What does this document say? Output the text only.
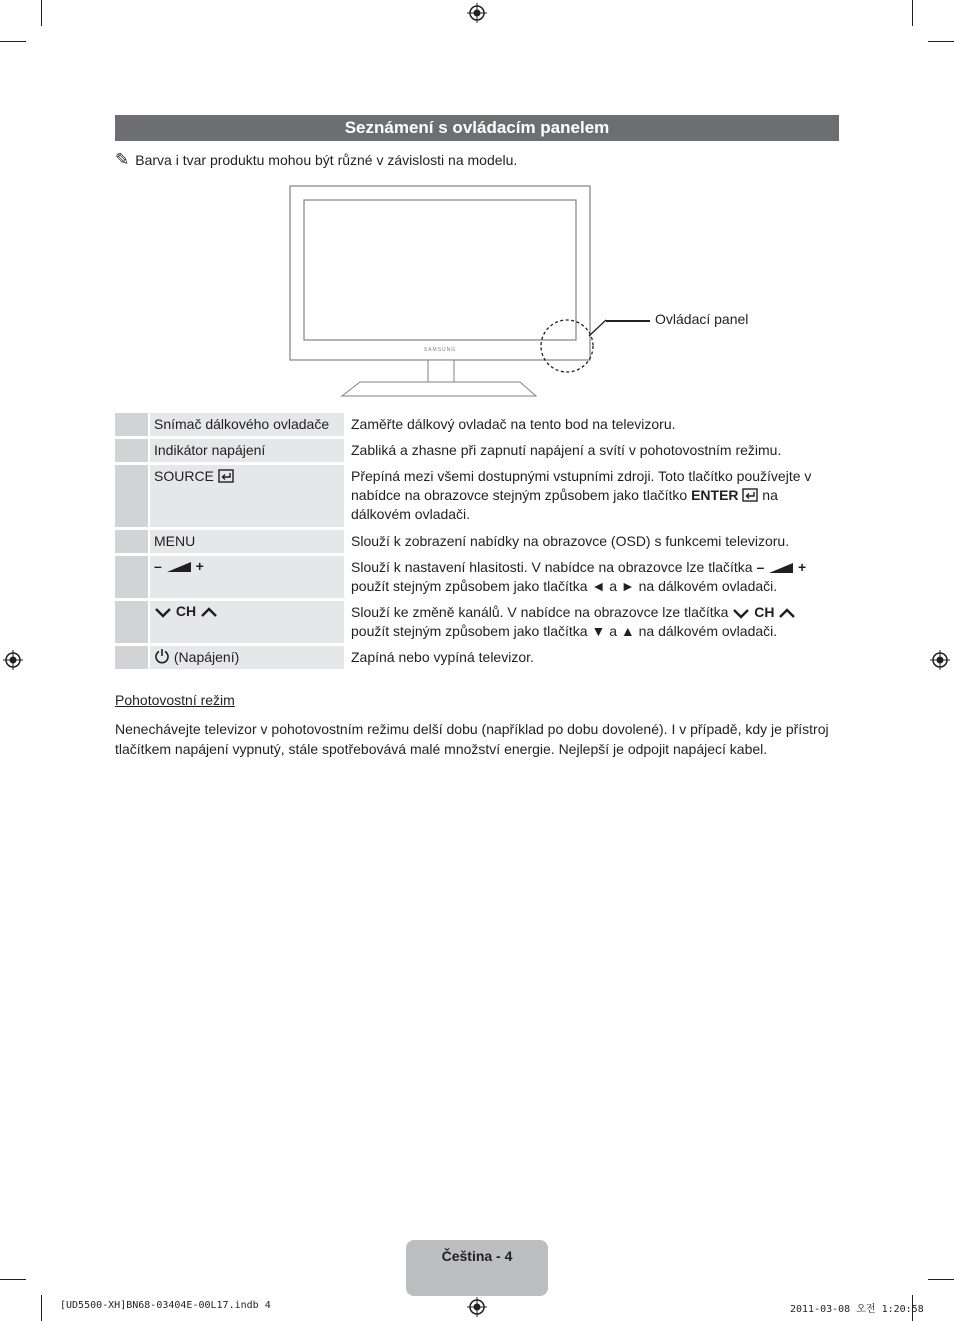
Seznámení s ovládacím panelem
✎ Barva i tvar produktu mohou být různé v závislosti na modelu.
SAMSUNG
Ovládací panel
	Snímač dálkového ovladače	Zaměřte dálkový ovladač na tento bod na televizoru.
	Indikátor napájení	Zabliká a zhasne při zapnutí napájení a svítí v pohotovostním režimu.
	SOURCE	Přepíná mezi všemi dostupnými vstupními zdroji. Toto tlačítko používejte v nabídce na obrazovce stejným způsobem jako tlačítko ENTER  na dálkovém ovladači.
	MENU	Slouží k zobrazení nabídky na obrazovce (OSD) s funkcemi televizoru.
	– +	Slouží k nastavení hlasitosti. V nabídce na obrazovce lze tlačítka – + použít stejným způsobem jako tlačítka ◄ a ► na dálkovém ovladači.
	CH	Slouží ke změně kanálů. V nabídce na obrazovce lze tlačítka  CH  použít stejným způsobem jako tlačítka ▼ a ▲ na dálkovém ovladači.
	(Napájení)	Zapíná nebo vypíná televizor.
Pohotovostní režim
Nenechávejte televizor v pohotovostním režimu delší dobu (například po dobu dovolené). I v případě, kdy je přístroj tlačítkem napájení vypnutý, stále spotřebovává malé množství energie. Nejlepší je odpojit napájecí kabel.
Čeština - 4
[UD5500-XH]BN68-03404E-00L17.indb 4	2011-03-08 오전 1:20:58
